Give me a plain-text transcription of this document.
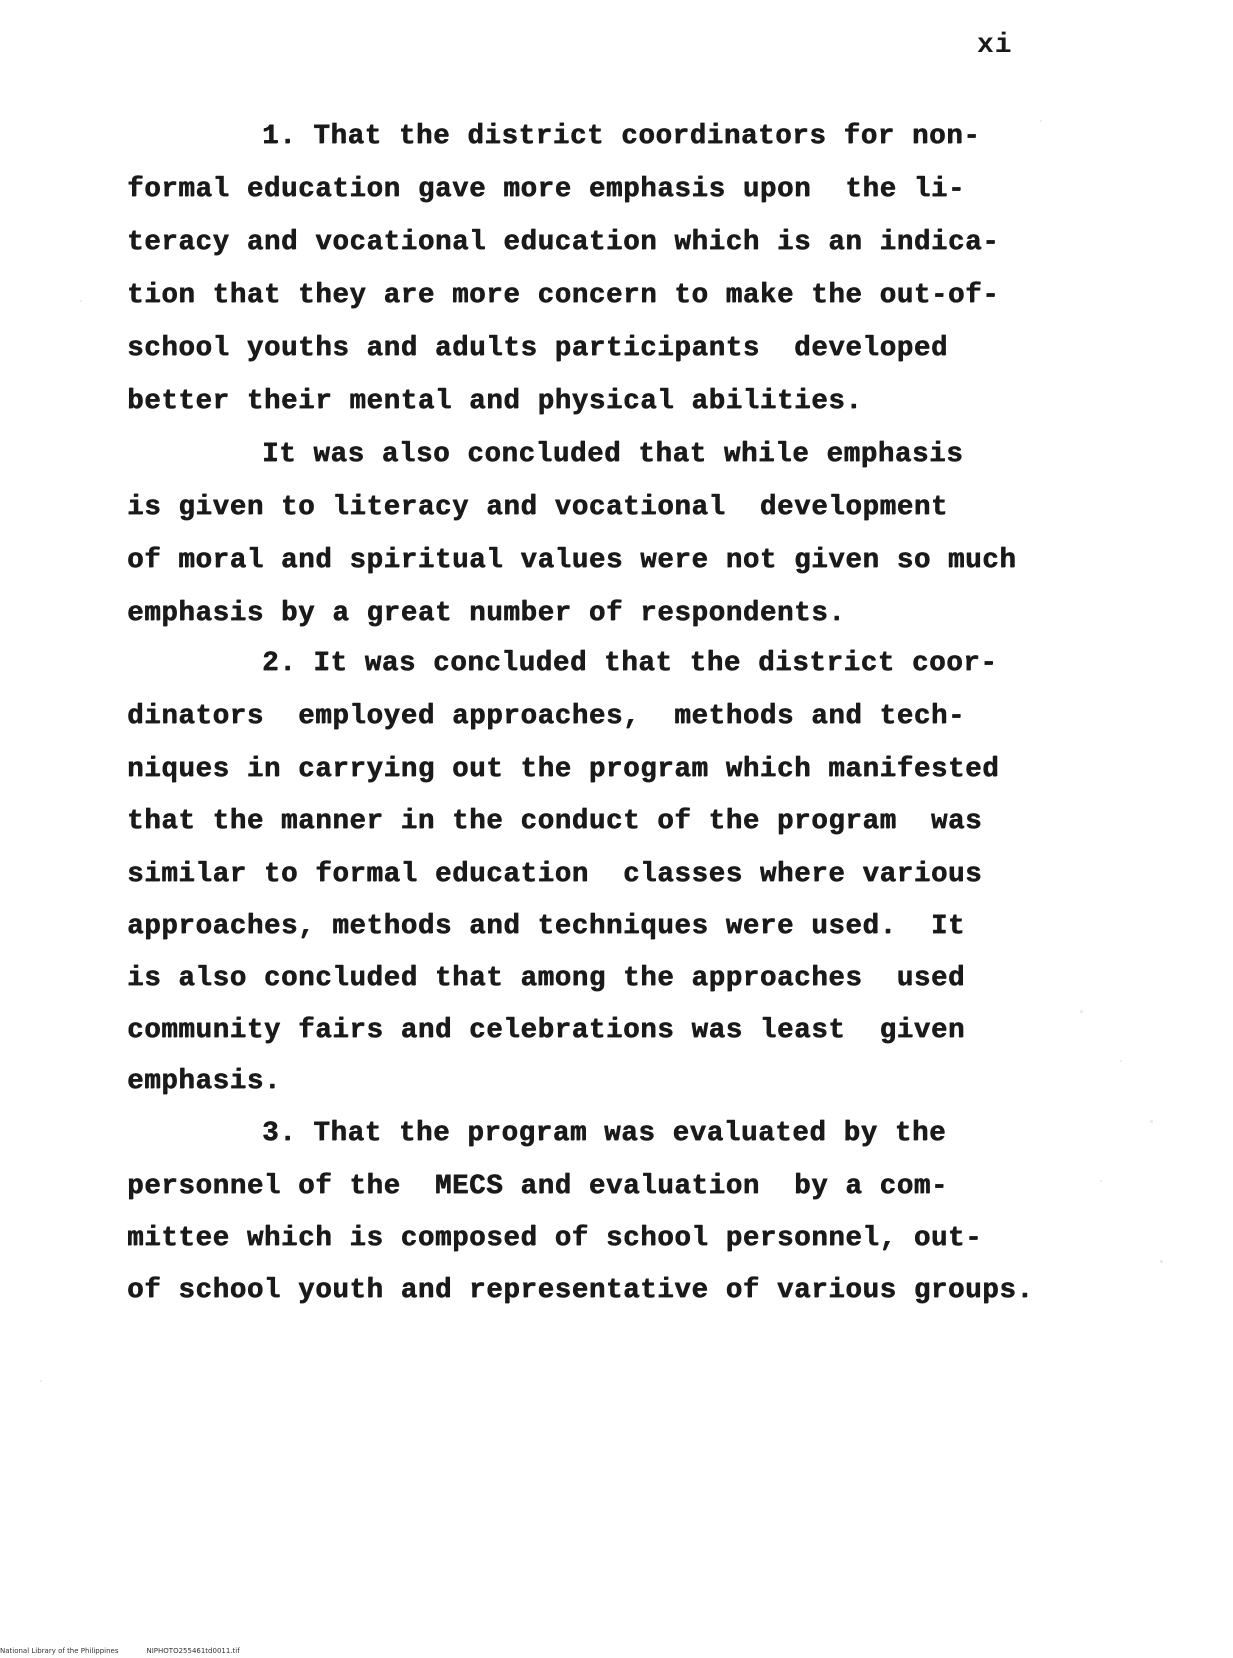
xi
1. That the district coordinators for non-
formal education gave more emphasis upon  the li-
teracy and vocational education which is an indica-
tion that they are more concern to make the out-of-
school youths and adults participants  developed
better their mental and physical abilities.
It was also concluded that while emphasis
is given to literacy and vocational  development
of moral and spiritual values were not given so much
emphasis by a great number of respondents.
2. It was concluded that the district coor-
dinators  employed approaches,  methods and tech-
niques in carrying out the program which manifested
that the manner in the conduct of the program  was
similar to formal education  classes where various
approaches, methods and techniques were used.  It
is also concluded that among the approaches  used
community fairs and celebrations was least  given
emphasis.
3. That the program was evaluated by the
personnel of the  MECS and evaluation  by a com-
mittee which is composed of school personnel, out-
of school youth and representative of various groups.
National Library of the Philippines	NIPHOTO255461td0011.tif
